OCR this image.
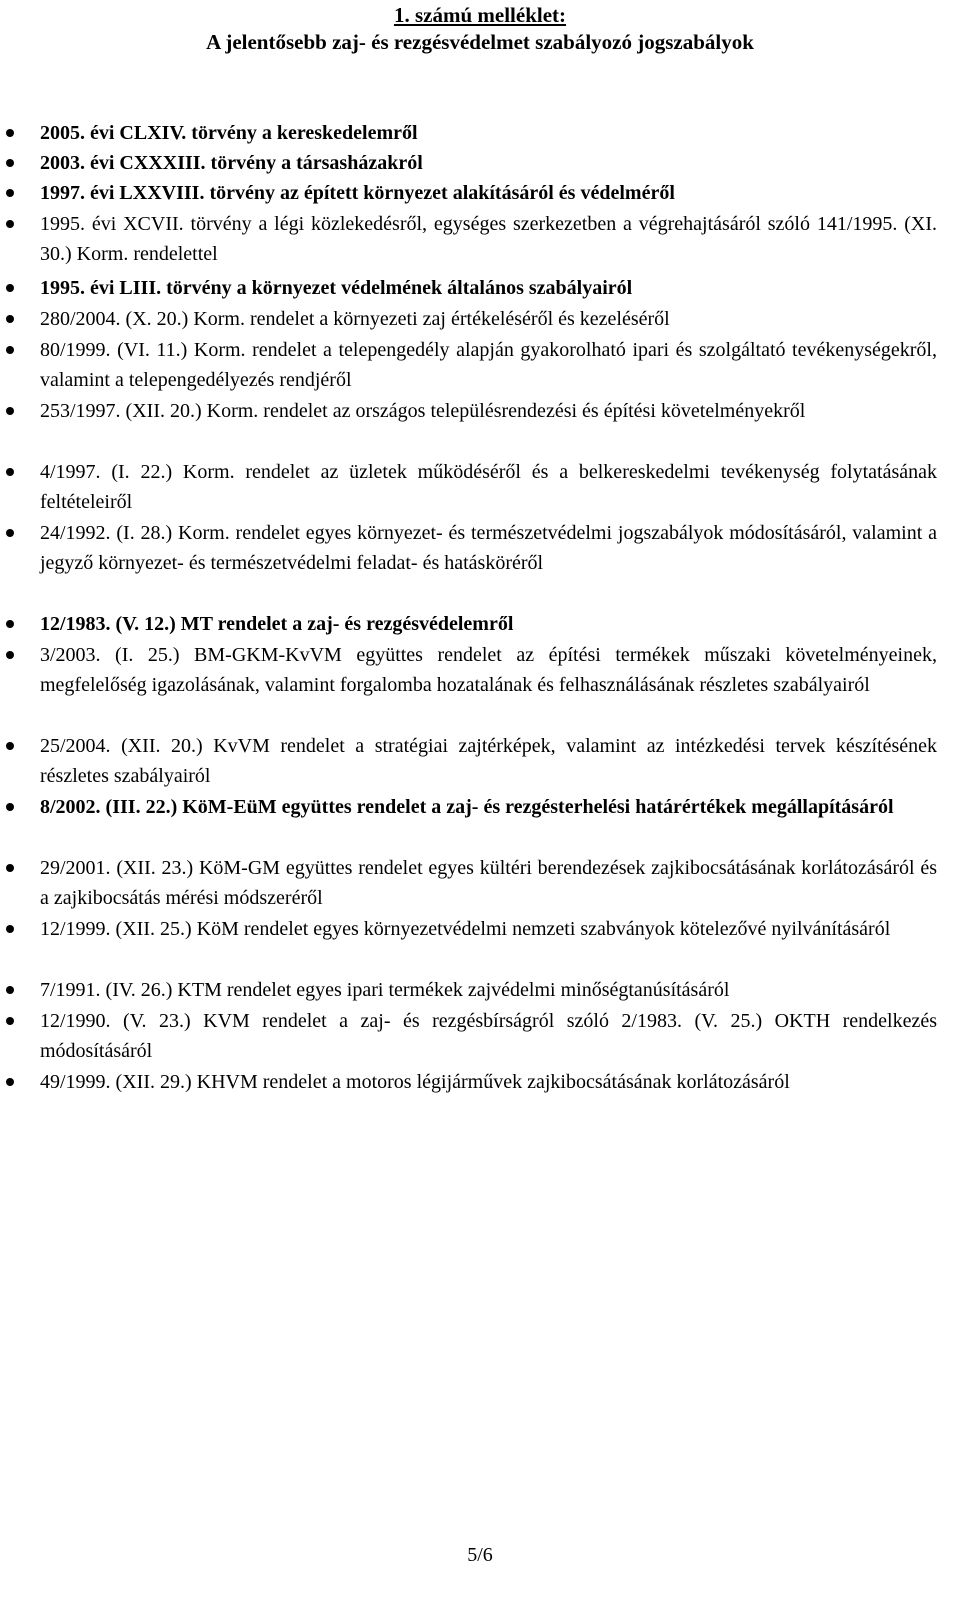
1. számú melléklet:
A jelentősebb zaj- és rezgésvédelmet szabályozó jogszabályok
2005. évi CLXIV. törvény a kereskedelemről
2003. évi CXXXIII. törvény a társasházakról
1997. évi LXXVIII. törvény az épített környezet alakításáról és védelméről
1995. évi XCVII. törvény a légi közlekedésről, egységes szerkezetben a végrehajtásáról szóló 141/1995. (XI. 30.) Korm. rendelettel
1995. évi LIII. törvény a környezet védelmének általános szabályairól
280/2004. (X. 20.) Korm. rendelet a környezeti zaj értékeléséről és kezeléséről
80/1999. (VI. 11.) Korm. rendelet a telepengedély alapján gyakorolható ipari és szolgáltató tevékenységekről, valamint a telepengedélyezés rendjéről
253/1997. (XII. 20.) Korm. rendelet az országos településrendezési és építési követelményekről
4/1997. (I. 22.) Korm. rendelet az üzletek működéséről és a belkereskedelmi tevékenység folytatásának feltételeiről
24/1992. (I. 28.) Korm. rendelet egyes környezet- és természetvédelmi jogszabályok módosításáról, valamint a jegyző környezet- és természetvédelmi feladat- és hatásköréről
12/1983. (V. 12.) MT rendelet a zaj- és rezgésvédelemről
3/2003. (I. 25.) BM-GKM-KvVM együttes rendelet az építési termékek műszaki követelményeinek, megfelelőség igazolásának, valamint forgalomba hozatalának és felhasználásának részletes szabályairól
25/2004. (XII. 20.) KvVM rendelet a stratégiai zajtérképek, valamint az intézkedési tervek készítésének részletes szabályairól
8/2002. (III. 22.) KöM-EüM együttes rendelet a zaj- és rezgésterhelési határértékek megállapításáról
29/2001. (XII. 23.) KöM-GM együttes rendelet egyes kültéri berendezések zajkibocsátásának korlátozásáról és a zajkibocsátás mérési módszeréről
12/1999. (XII. 25.) KöM rendelet egyes környezetvédelmi nemzeti szabványok kötelezővé nyilvánításáról
7/1991. (IV. 26.) KTM rendelet egyes ipari termékek zajvédelmi minőségtanúsításáról
12/1990. (V. 23.) KVM rendelet a zaj- és rezgésbírságról szóló 2/1983. (V. 25.) OKTH rendelkezés módosításáról
49/1999. (XII. 29.) KHVM rendelet a motoros légijárművek zajkibocsátásának korlátozásáról
5/6
